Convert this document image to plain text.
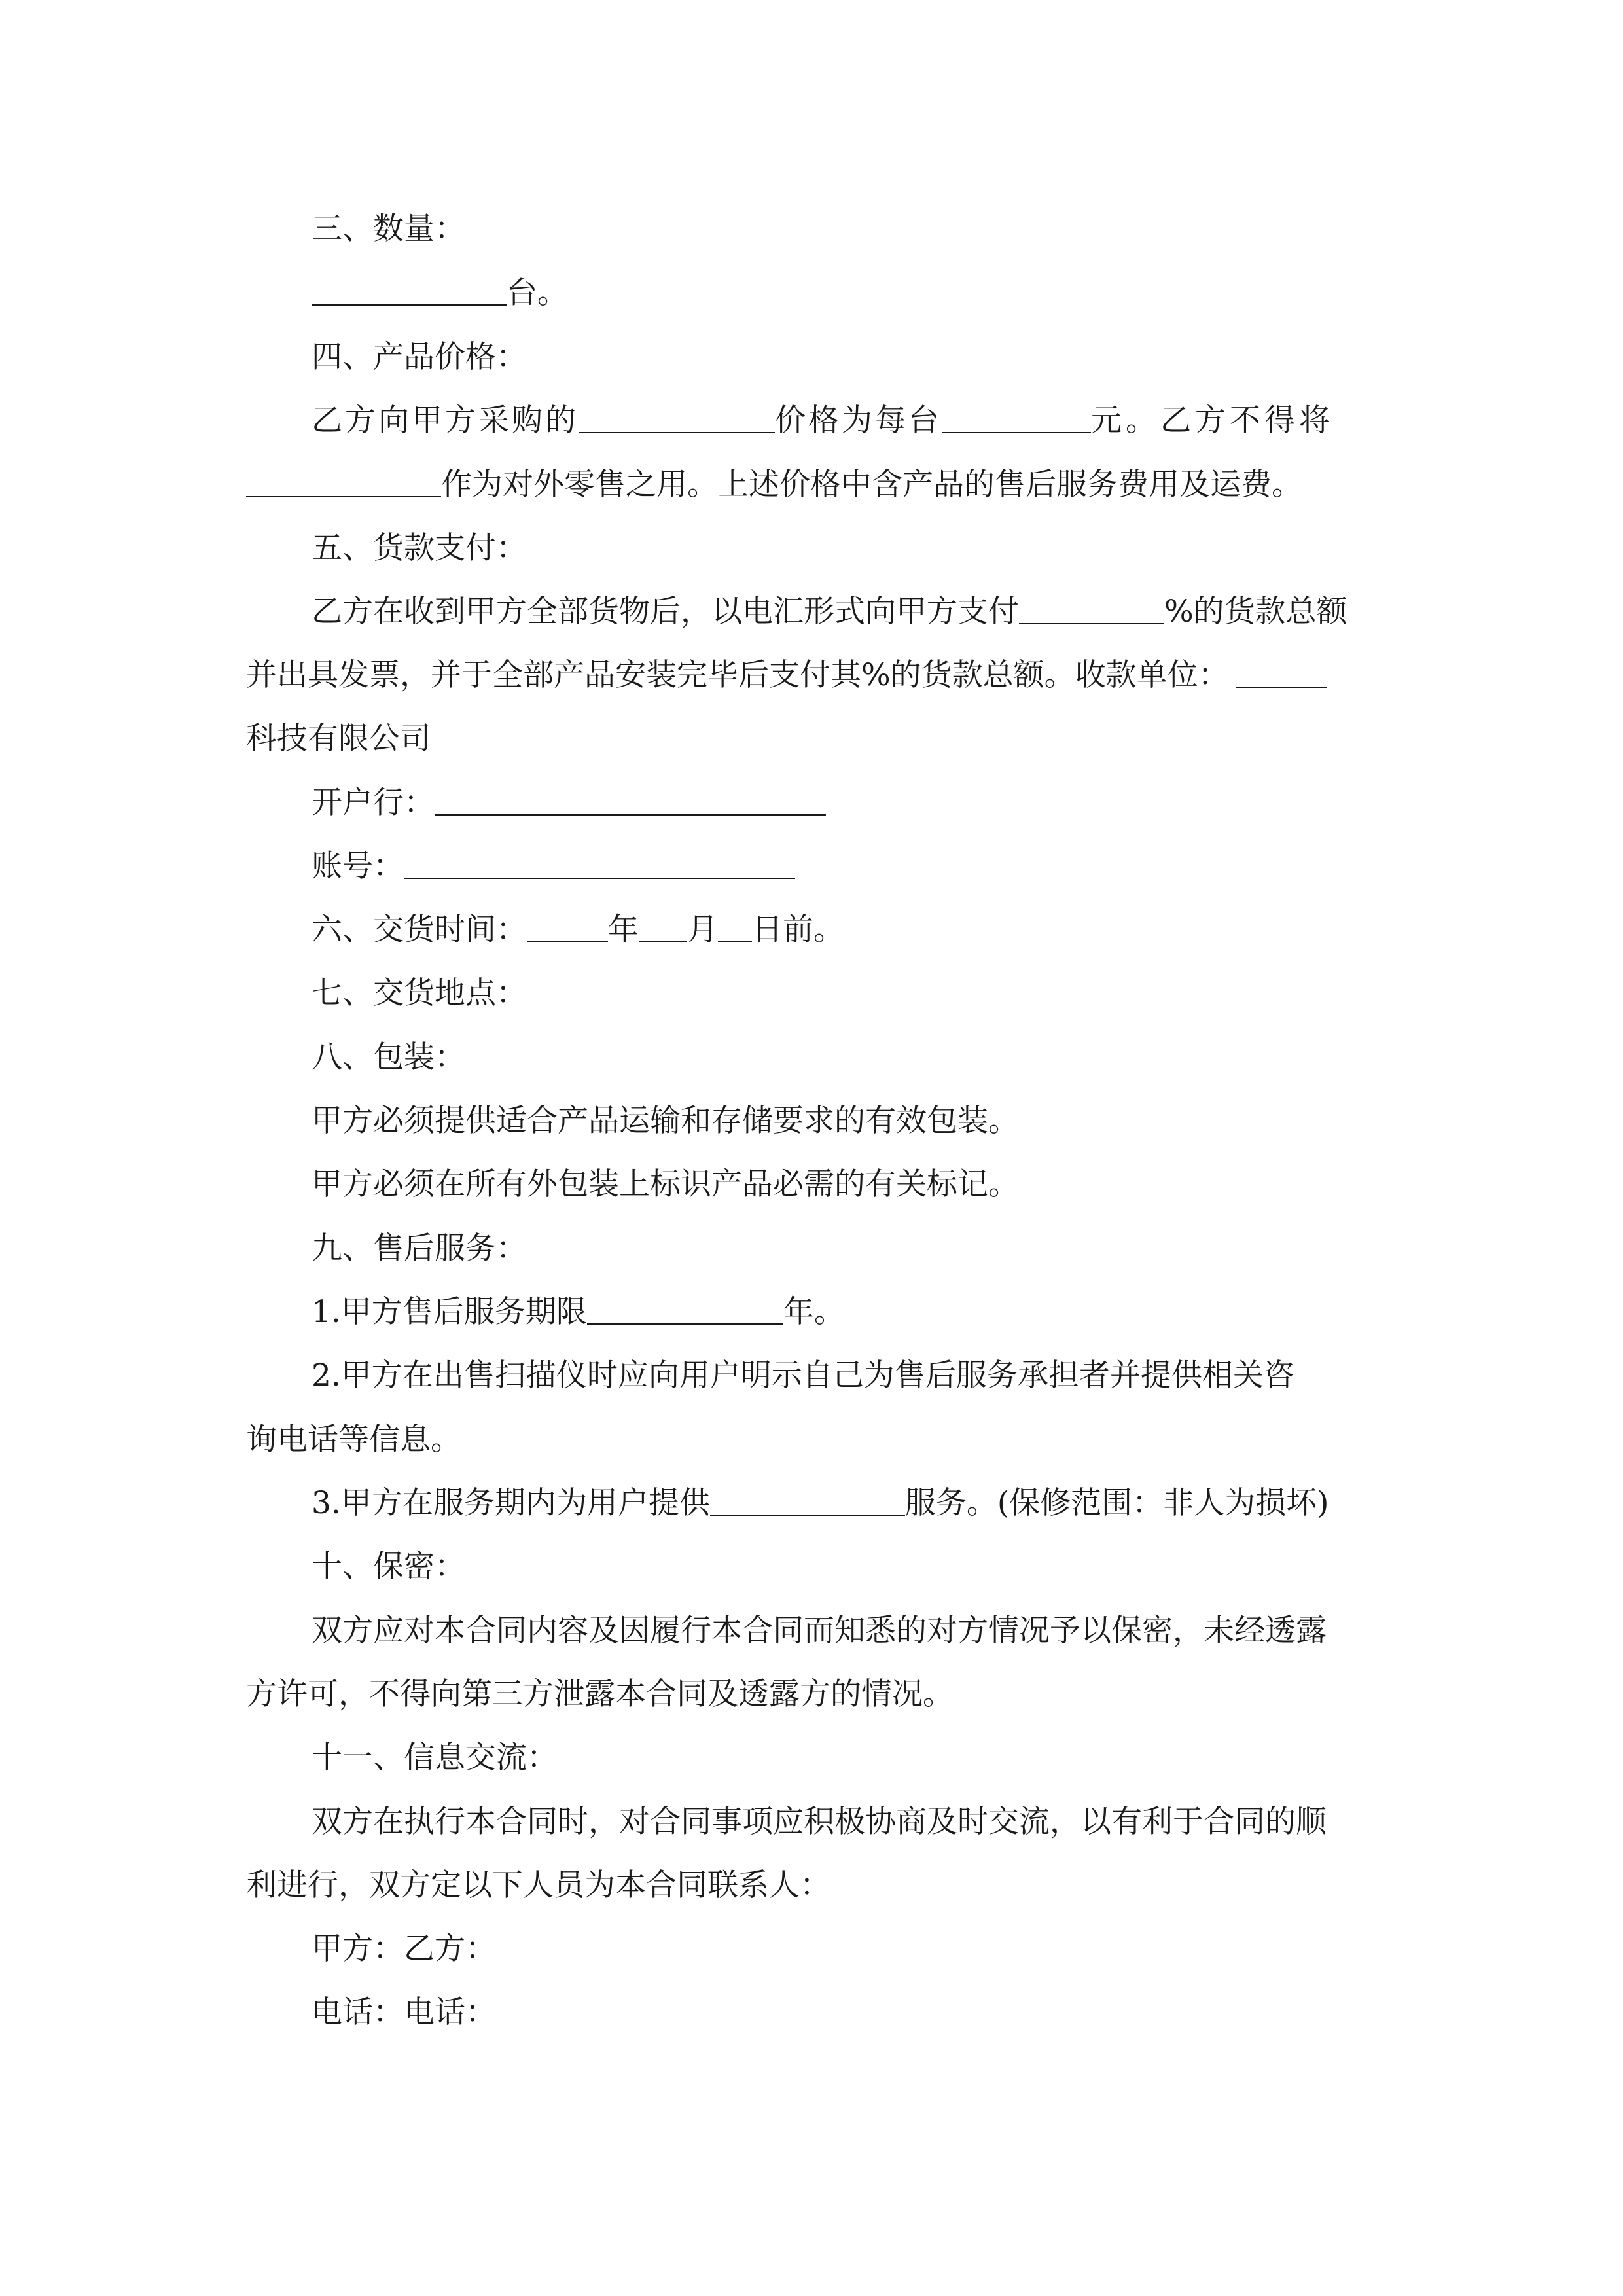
三、数量：
台。
四、产品价格：
乙方向甲方采购的	价格为每台	元。乙方不得将
作为对外零售之用。上述价格中含产品的售后服务费用及运费。
五、货款支付：
乙方在收到甲方全部货物后，以电汇形式向甲方支付	%的货款总额
并出具发票，并于全部产品安装完毕后支付其%的货款总额。收款单位：
科技有限公司
开户行：
账号：
六、交货时间：	年 月 日前。
七、交货地点：
八、包装：
甲方必须提供适合产品运输和存储要求的有效包装。
甲方必须在所有外包装上标识产品必需的有关标记。
九、售后服务：
1.甲方售后服务期限	年。
2.甲方在出售扫描仪时应向用户明示自己为售后服务承担者并提供相关咨
询电话等信息。
3.甲方在服务期内为用户提供	服务。(保修范围：非人为损坏)
十、保密：
双方应对本合同内容及因履行本合同而知悉的对方情况予以保密，未经透露
方许可，不得向第三方泄露本合同及透露方的情况。
十一、信息交流：
双方在执行本合同时，对合同事项应积极协商及时交流，以有利于合同的顺
利进行，双方定以下人员为本合同联系人：
甲方：乙方：
电话：电话：
